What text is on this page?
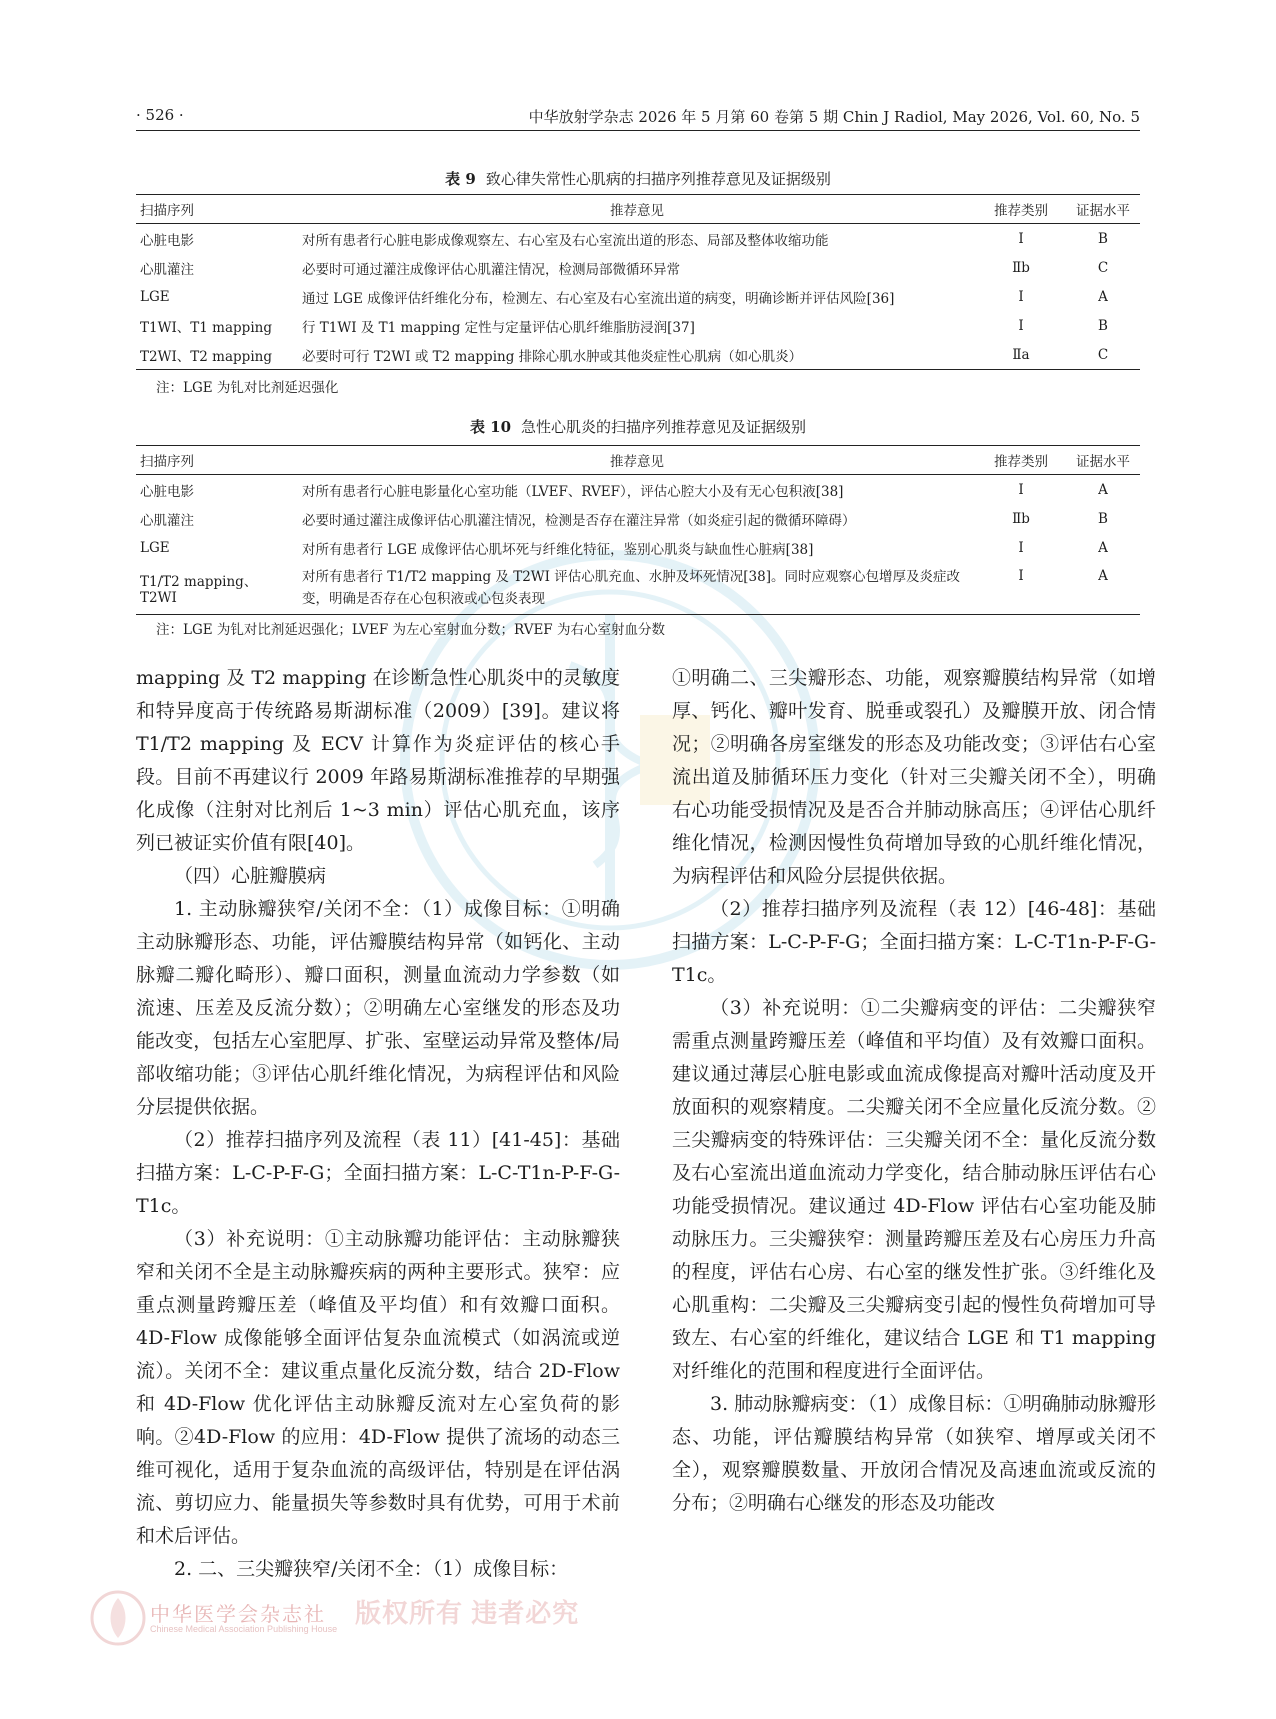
· 526 ·	中华放射学杂志 2026 年 5 月第 60 卷第 5 期 Chin J Radiol, May 2026, Vol. 60, No. 5
表 9 致心律失常性心肌病的扫描序列推荐意见及证据级别
扫描序列	推荐意见	推荐类别	证据水平
心脏电影	对所有患者行心脏电影成像观察左、右心室及右心室流出道的形态、局部及整体收缩功能	Ⅰ	B
心肌灌注	必要时可通过灌注成像评估心肌灌注情况，检测局部微循环异常	Ⅱb	C
LGE	通过 LGE 成像评估纤维化分布，检测左、右心室及右心室流出道的病变，明确诊断并评估风险[36]	Ⅰ	A
T1WI、T1 mapping	行 T1WI 及 T1 mapping 定性与定量评估心肌纤维脂肪浸润[37]	Ⅰ	B
T2WI、T2 mapping	必要时可行 T2WI 或 T2 mapping 排除心肌水肿或其他炎症性心肌病（如心肌炎）	Ⅱa	C
注：LGE 为钆对比剂延迟强化
表 10 急性心肌炎的扫描序列推荐意见及证据级别
扫描序列	推荐意见	推荐类别	证据水平
心脏电影	对所有患者行心脏电影量化心室功能（LVEF、RVEF），评估心腔大小及有无心包积液[38]	Ⅰ	A
心肌灌注	必要时通过灌注成像评估心肌灌注情况，检测是否存在灌注异常（如炎症引起的微循环障碍）	Ⅱb	B
LGE	对所有患者行 LGE 成像评估心肌坏死与纤维化特征，鉴别心肌炎与缺血性心脏病[38]	Ⅰ	A
T1/T2 mapping、T2WI	对所有患者行 T1/T2 mapping 及 T2WI 评估心肌充血、水肿及坏死情况[38]。同时应观察心包增厚及炎症改变，明确是否存在心包积液或心包炎表现	Ⅰ	A
注：LGE 为钆对比剂延迟强化；LVEF 为左心室射血分数；RVEF 为右心室射血分数

mapping 及 T2 mapping 在诊断急性心肌炎中的灵敏度和特异度高于传统路易斯湖标准（2009）[39]。建议将 T1/T2 mapping 及 ECV 计算作为炎症评估的核心手段。目前不再建议行 2009 年路易斯湖标准推荐的早期强化成像（注射对比剂后 1~3 min）评估心肌充血，该序列已被证实价值有限[40]。

（四）心脏瓣膜病

1. 主动脉瓣狭窄/关闭不全：（1）成像目标：①明确主动脉瓣形态、功能，评估瓣膜结构异常（如钙化、主动脉瓣二瓣化畸形）、瓣口面积，测量血流动力学参数（如流速、压差及反流分数）；②明确左心室继发的形态及功能改变，包括左心室肥厚、扩张、室壁运动异常及整体/局部收缩功能；③评估心肌纤维化情况，为病程评估和风险分层提供依据。

（2）推荐扫描序列及流程（表 11）[41-45]：基础扫描方案：L-C-P-F-G；全面扫描方案：L-C-T1n-P-F-G-T1c。

（3）补充说明：①主动脉瓣功能评估：主动脉瓣狭窄和关闭不全是主动脉瓣疾病的两种主要形式。狭窄：应重点测量跨瓣压差（峰值及平均值）和有效瓣口面积。4D-Flow 成像能够全面评估复杂血流模式（如涡流或逆流）。关闭不全：建议重点量化反流分数，结合 2D-Flow 和 4D-Flow 优化评估主动脉瓣反流对左心室负荷的影响。②4D-Flow 的应用：4D-Flow 提供了流场的动态三维可视化，适用于复杂血流的高级评估，特别是在评估涡流、剪切应力、能量损失等参数时具有优势，可用于术前和术后评估。

2. 二、三尖瓣狭窄/关闭不全：（1）成像目标：

①明确二、三尖瓣形态、功能，观察瓣膜结构异常（如增厚、钙化、瓣叶发育、脱垂或裂孔）及瓣膜开放、闭合情况；②明确各房室继发的形态及功能改变；③评估右心室流出道及肺循环压力变化（针对三尖瓣关闭不全），明确右心功能受损情况及是否合并肺动脉高压；④评估心肌纤维化情况，检测因慢性负荷增加导致的心肌纤维化情况，为病程评估和风险分层提供依据。

（2）推荐扫描序列及流程（表 12）[46-48]：基础扫描方案：L-C-P-F-G；全面扫描方案：L-C-T1n-P-F-G-T1c。

（3）补充说明：①二尖瓣病变的评估：二尖瓣狭窄需重点测量跨瓣压差（峰值和平均值）及有效瓣口面积。建议通过薄层心脏电影或血流成像提高对瓣叶活动度及开放面积的观察精度。二尖瓣关闭不全应量化反流分数。②三尖瓣病变的特殊评估：三尖瓣关闭不全：量化反流分数及右心室流出道血流动力学变化，结合肺动脉压评估右心功能受损情况。建议通过 4D-Flow 评估右心室功能及肺动脉压力。三尖瓣狭窄：测量跨瓣压差及右心房压力升高的程度，评估右心房、右心室的继发性扩张。③纤维化及心肌重构：二尖瓣及三尖瓣病变引起的慢性负荷增加可导致左、右心室的纤维化，建议结合 LGE 和 T1 mapping 对纤维化的范围和程度进行全面评估。

3. 肺动脉瓣病变：（1）成像目标：①明确肺动脉瓣形态、功能，评估瓣膜结构异常（如狭窄、增厚或关闭不全），观察瓣膜数量、开放闭合情况及高速血流或反流的分布；②明确右心继发的形态及功能改

中华医学会杂志社
Chinese Medical Association Publishing House
版权所有 违者必究
